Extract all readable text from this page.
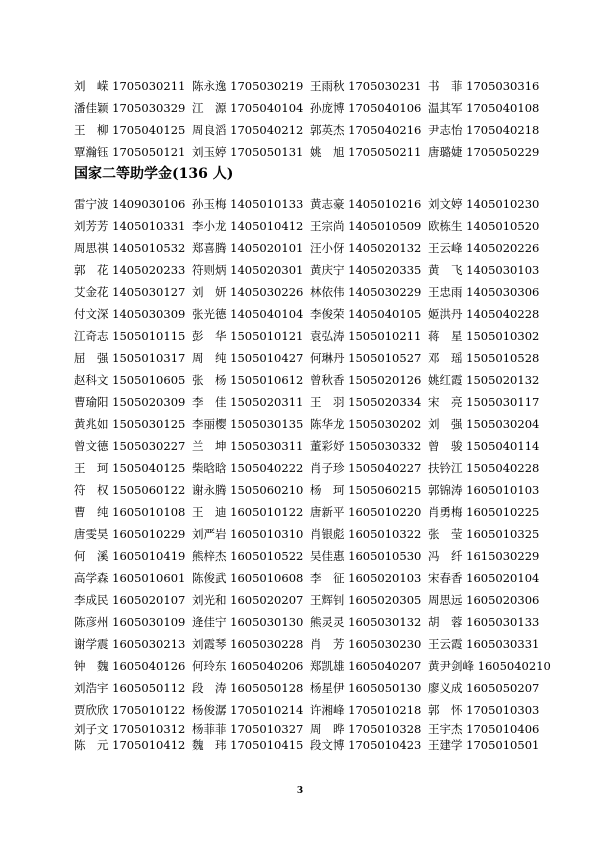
刘　嵘 1705030211 陈永逸 1705030219 王雨秋 1705030231 书　菲 1705030316
潘佳颖 1705030329 江　源 1705040104 孙庞博 1705040106 温其军 1705040108
王　柳 1705040125 周良滔 1705040212 郭英杰 1705040216 尹志怡 1705040218
覃瀚钰 1705050121 刘玉婷 1705050131 姚　旭 1705050211 唐璐婕 1705050229
国家二等助学金(136 人)
雷宁波 1409030106 孙玉梅 1405010133 黄志豪 1405010216 刘文婷 1405010230
刘芳芳 1405010331 李小龙 1405010412 王宗尚 1405010509 欧栋生 1405010520
周思祺 1405010532 郑喜腾 1405020101 汪小伢 1405020132 王云峰 1405020226
郭　花 1405020233 符则炳 1405020301 黄庆宁 1405020335 黄　飞 1405030103
艾金花 1405030127 刘　妍 1405030226 林依伟 1405030229 王忠雨 1405030306
付文深 1405030309 张光德 1405040104 李俊荣 1405040105 姬洪丹 1405040228
江奇志 1505010115 彭　华 1505010121 袁弘涛 1505010211 蒋　星 1505010302
屈　强 1505010317 周　纯 1505010427 何琳丹 1505010527 邓　瑶 1505010528
赵科文 1505010605 张　杨 1505010612 曾秋香 1505020126 姚红霞 1505020132
曹瑜阳 1505020309 李　佳 1505020311 王　羽 1505020334 宋　亮 1505030117
黄兆如 1505030125 李丽樱 1505030135 陈华龙 1505030202 刘　强 1505030204
曾文德 1505030227 兰　坤 1505030311 董彩妤 1505030332 曾　骏 1505040114
王　珂 1505040125 柴晗晗 1505040222 肖子珍 1505040227 扶钤江 1505040228
符　权 1505060122 谢永腾 1505060210 杨　珂 1505060215 郭锦涛 1605010103
曹　纯 1605010108 王　迪 1605010122 唐新平 1605010220 肖勇梅 1605010225
唐雯昊 1605010229 刘严岩 1605010310 肖银彪 1605010322 张　莹 1605010325
何　溪 1605010419 熊梓杰 1605010522 吴佳惠 1605010530 冯　纤 1615030229
高学森 1605010601 陈俊武 1605010608 李　征 1605020103 宋春香 1605020104
李成民 1605020107 刘光和 1605020207 王辉钊 1605020305 周思远 1605020306
陈彦州 1605030109 逄佳宁 1605030130 熊灵灵 1605030132 胡　蓉 1605030133
谢学震 1605030213 刘霞琴 1605030228 肖　芳 1605030230 王云霞 1605030331
钟　魏 1605040126 何玲东 1605040206 郑凯雄 1605040207 黄尹剑峰 1605040210
刘浩宇 1605050112 段　涛 1605050128 杨星伊 1605050130 廖义成 1605050207
贾欣欣 1705010122 杨俊潺 1705010214 许湘峰 1705010218 郭　怀 1705010303
刘子文 1705010312 杨菲菲 1705010327 周　晔 1705010328 王宇杰 1705010406
陈　元 1705010412 魏　玮 1705010415 段文博 1705010423 王建学 1705010501
3
